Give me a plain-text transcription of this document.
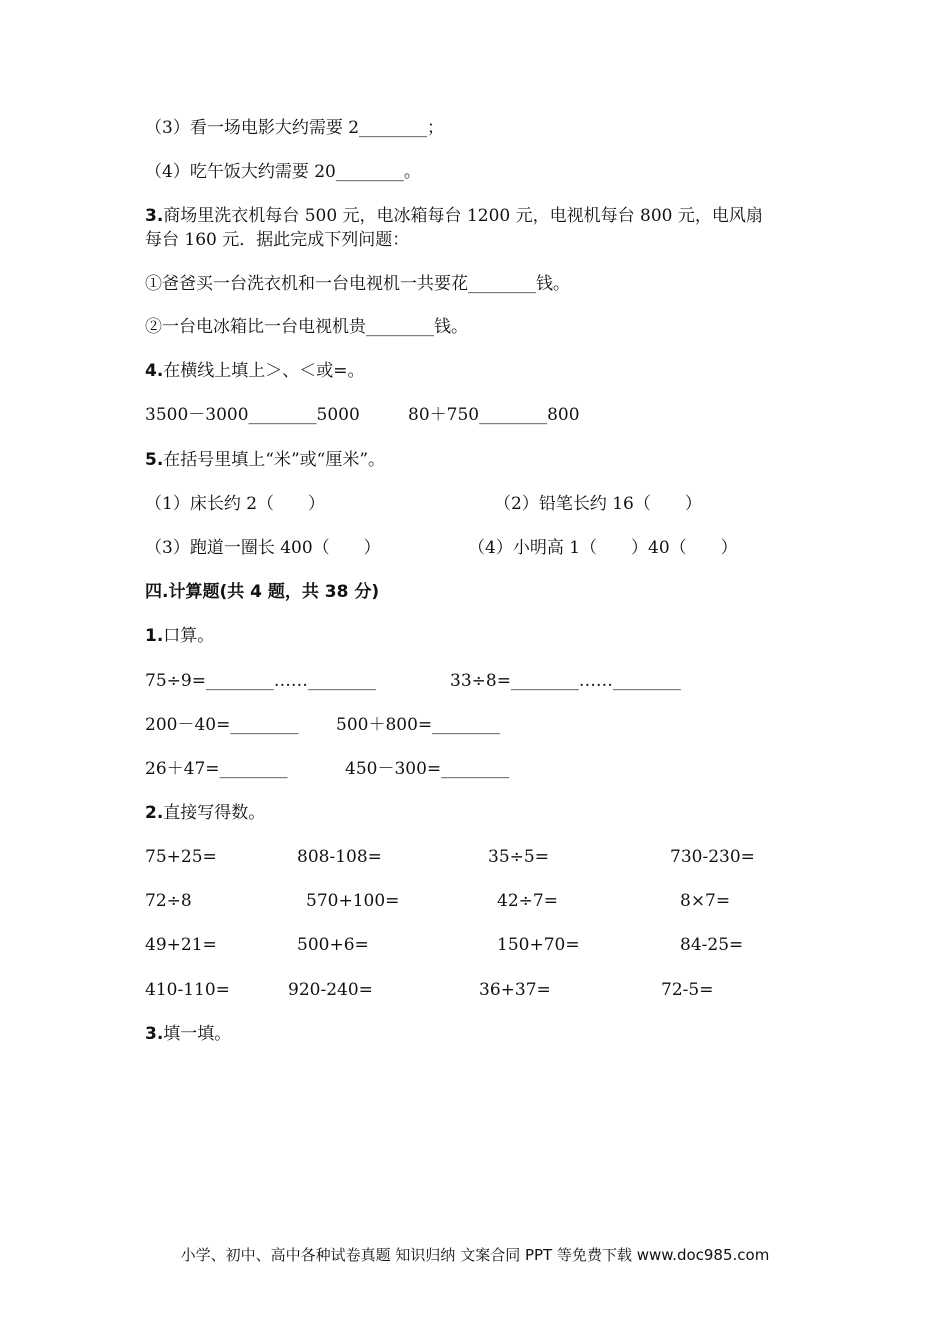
（3）看一场电影大约需要 2________；
（4）吃午饭大约需要 20________。
3.商场里洗衣机每台 500 元，电冰箱每台 1200 元，电视机每台 800 元，电风扇
每台 160 元．据此完成下列问题：
①爸爸买一台洗衣机和一台电视机一共要花________钱。
②一台电冰箱比一台电视机贵________钱。
4.在横线上填上＞、＜或=。
3500－3000________5000	80＋750________800
5.在括号里填上“米”或“厘米”。
（1）床长约 2（　　）	（2）铅笔长约 16（　　）
（3）跑道一圈长 400（　　）	（4）小明高 1（　　）40（　　）
四.计算题(共 4 题，共 38 分)
1.口算。
75÷9=________……________	33÷8=________……________
200－40=________ 500＋800=________
26＋47=________	450－300=________
2.直接写得数。
75+25=	808-108=	35÷5=	730-230=
72÷8	570+100=	42÷7=	8×7=
49+21=	500+6=	150+70=	84-25=
410-110=	920-240=	36+37=	72-5=
3.填一填。
小学、初中、高中各种试卷真题 知识归纳 文案合同 PPT 等免费下载 www.doc985.com
